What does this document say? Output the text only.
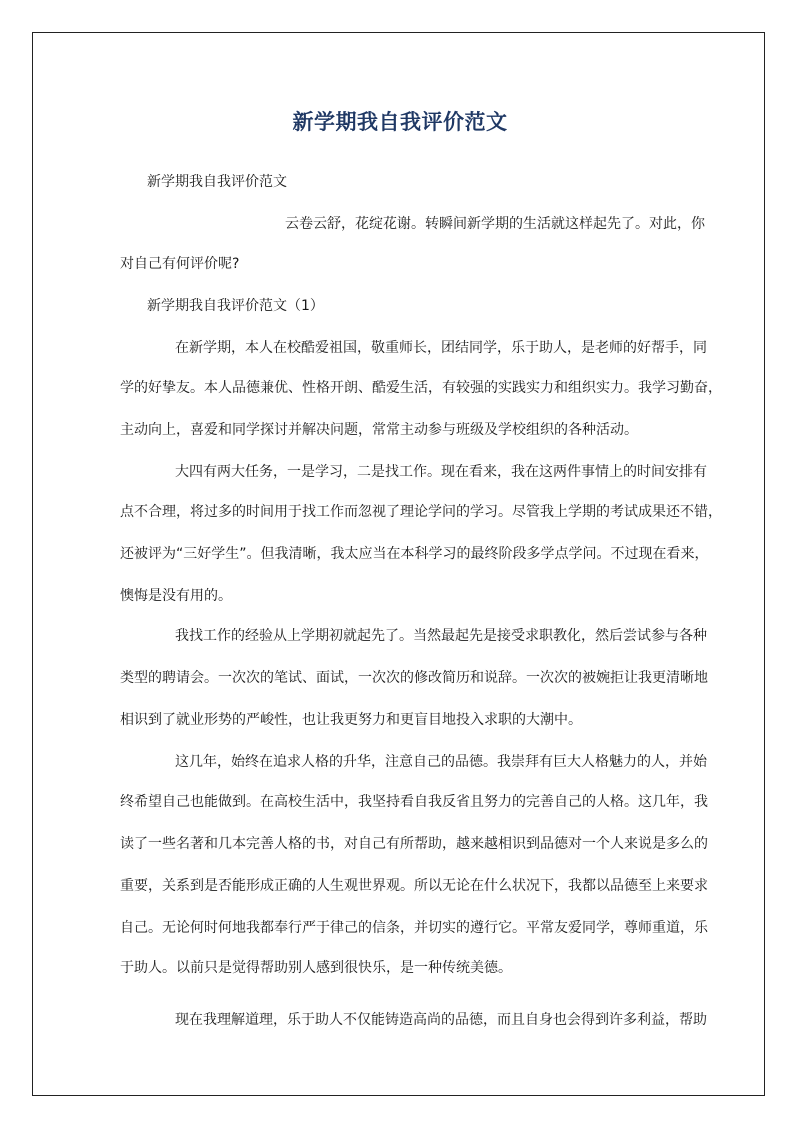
新学期我自我评价范文

新学期我自我评价范文

云卷云舒，花绽花谢。转瞬间新学期的生活就这样起先了。对此，你

对自己有何评价呢?

新学期我自我评价范文（1）

在新学期，本人在校酷爱祖国，敬重师长，团结同学，乐于助人，是老师的好帮手，同

学的好挚友。本人品德兼优、性格开朗、酷爱生活，有较强的实践实力和组织实力。我学习勤奋，

主动向上，喜爱和同学探讨并解决问题，常常主动参与班级及学校组织的各种活动。

大四有两大任务，一是学习，二是找工作。现在看来，我在这两件事情上的时间安排有

点不合理，将过多的时间用于找工作而忽视了理论学问的学习。尽管我上学期的考试成果还不错，

还被评为“三好学生”。但我清晰，我太应当在本科学习的最终阶段多学点学问。不过现在看来，

懊悔是没有用的。

我找工作的经验从上学期初就起先了。当然最起先是接受求职教化，然后尝试参与各种

类型的聘请会。一次次的笔试、面试，一次次的修改简历和说辞。一次次的被婉拒让我更清晰地

相识到了就业形势的严峻性，也让我更努力和更盲目地投入求职的大潮中。

这几年，始终在追求人格的升华，注意自己的品德。我崇拜有巨大人格魅力的人，并始

终希望自己也能做到。在高校生活中，我坚持看自我反省且努力的完善自己的人格。这几年，我

读了一些名著和几本完善人格的书，对自己有所帮助，越来越相识到品德对一个人来说是多么的

重要，关系到是否能形成正确的人生观世界观。所以无论在什么状况下，我都以品德至上来要求

自己。无论何时何地我都奉行严于律己的信条，并切实的遵行它。平常友爱同学，尊师重道，乐

于助人。以前只是觉得帮助别人感到很快乐，是一种传统美德。

现在我理解道理，乐于助人不仅能铸造高尚的品德，而且自身也会得到许多利益，帮助
